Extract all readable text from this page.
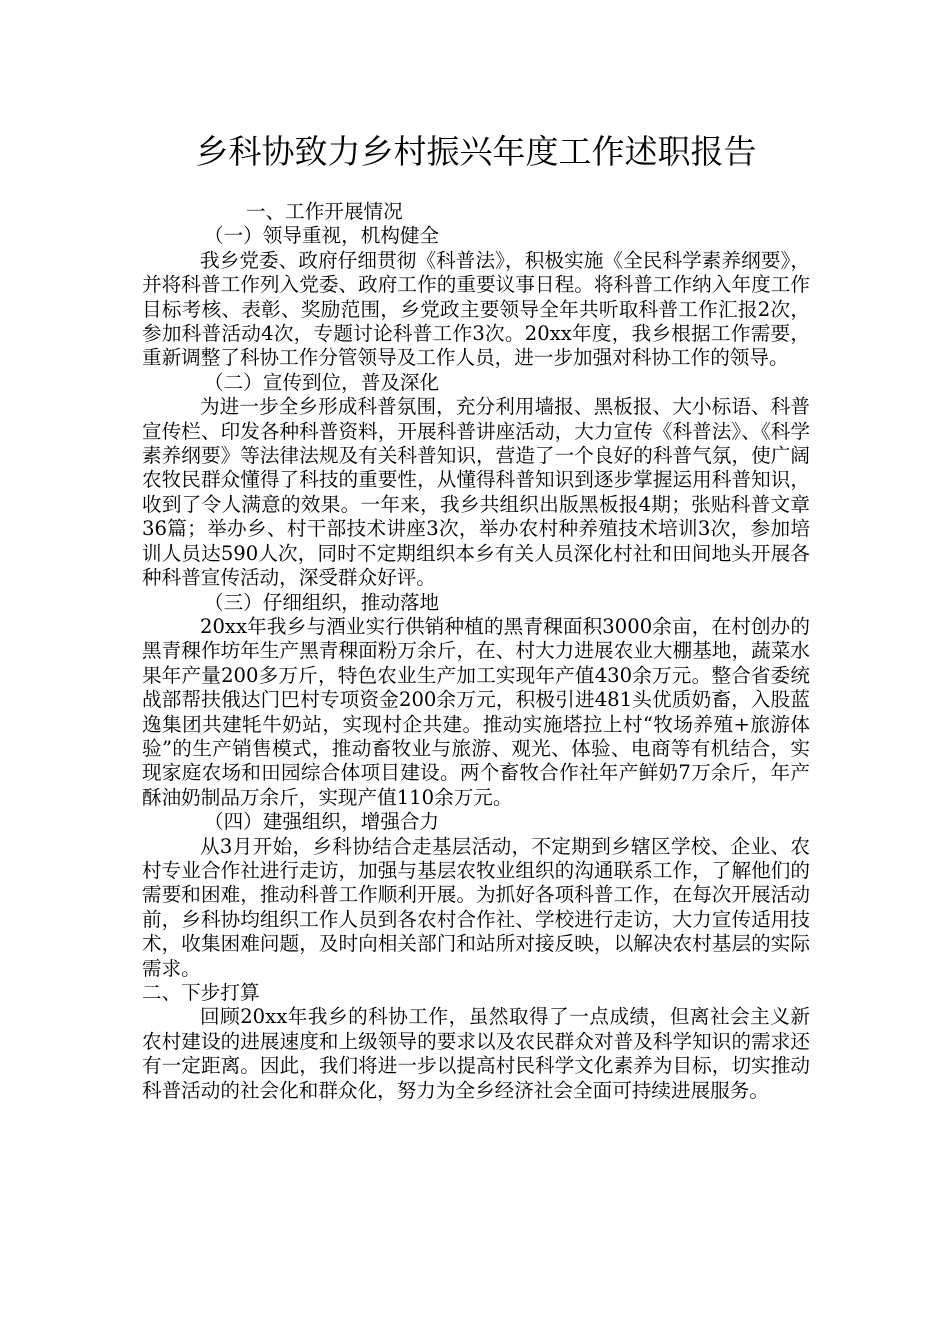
乡科协致力乡村振兴年度工作述职报告

一、工作开展情况

（一）领导重视，机构健全

我乡党委、政府仔细贯彻《科普法》，积极实施《全民科学素养纲要》，并将科普工作列入党委、政府工作的重要议事日程。将科普工作纳入年度工作目标考核、表彰、奖励范围，乡党政主要领导全年共听取科普工作汇报2次，参加科普活动4次，专题讨论科普工作3次。20xx年度，我乡根据工作需要，重新调整了科协工作分管领导及工作人员，进一步加强对科协工作的领导。

（二）宣传到位，普及深化

为进一步全乡形成科普氛围，充分利用墙报、黑板报、大小标语、科普宣传栏、印发各种科普资料，开展科普讲座活动，大力宣传《科普法》、《科学素养纲要》等法律法规及有关科普知识，营造了一个良好的科普气氛，使广阔农牧民群众懂得了科技的重要性，从懂得科普知识到逐步掌握运用科普知识，收到了令人满意的效果。一年来，我乡共组织出版黑板报4期；张贴科普文章36篇；举办乡、村干部技术讲座3次，举办农村种养殖技术培训3次，参加培训人员达590人次，同时不定期组织本乡有关人员深化村社和田间地头开展各种科普宣传活动，深受群众好评。

（三）仔细组织，推动落地

20xx年我乡与酒业实行供销种植的黑青稞面积3000余亩，在村创办的黑青稞作坊年生产黑青稞面粉万余斤，在、村大力进展农业大棚基地，蔬菜水果年产量200多万斤，特色农业生产加工实现年产值430余万元。整合省委统战部帮扶俄达门巴村专项资金200余万元，积极引进481头优质奶畜，入股蓝逸集团共建牦牛奶站，实现村企共建。推动实施塔拉上村“牧场养殖+旅游体验”的生产销售模式，推动畜牧业与旅游、观光、体验、电商等有机结合，实现家庭农场和田园综合体项目建设。两个畜牧合作社年产鲜奶7万余斤，年产酥油奶制品万余斤，实现产值110余万元。

（四）建强组织，增强合力

从3月开始，乡科协结合走基层活动，不定期到乡辖区学校、企业、农村专业合作社进行走访，加强与基层农牧业组织的沟通联系工作，了解他们的需要和困难，推动科普工作顺利开展。为抓好各项科普工作，在每次开展活动前，乡科协均组织工作人员到各农村合作社、学校进行走访，大力宣传适用技术，收集困难问题，及时向相关部门和站所对接反映，以解决农村基层的实际需求。

二、下步打算

回顾20xx年我乡的科协工作，虽然取得了一点成绩，但离社会主义新农村建设的进展速度和上级领导的要求以及农民群众对普及科学知识的需求还有一定距离。因此，我们将进一步以提高村民科学文化素养为目标，切实推动科普活动的社会化和群众化，努力为全乡经济社会全面可持续进展服务。
